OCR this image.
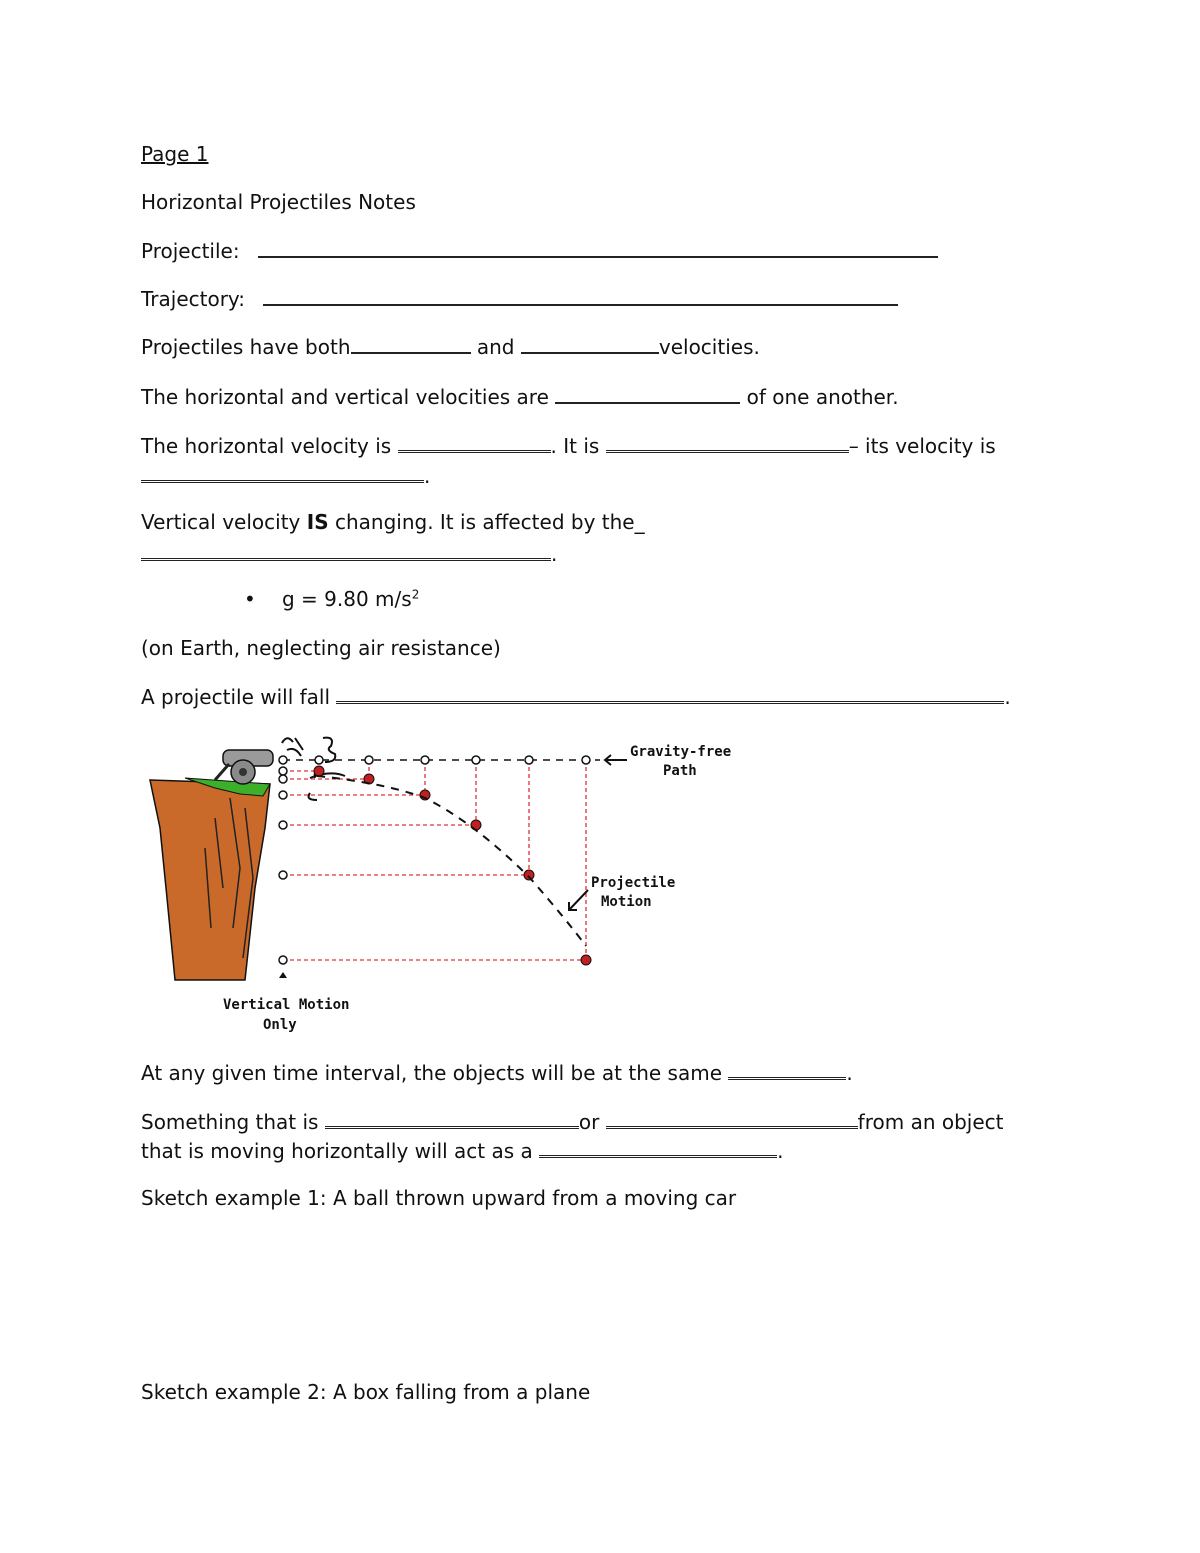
Page 1
Horizontal Projectiles Notes
Projectile:
Trajectory:
Projectiles have both	and	velocities.
The horizontal and vertical velocities are	of one another.
The horizontal velocity is	. It is	– its velocity is
.
Vertical velocity IS changing. It is affected by the_
.
• g = 9.80 $m/s^2$
(on Earth, neglecting air resistance)
A projectile will fall	.
Gravity-free
Path
Projectile
Motion
Vertical Motion
Only
At any given time interval, the objects will be at the same	.
Something that is	or	from an object
that is moving horizontally will act as a	.
Sketch example 1: A ball thrown upward from a moving car
Sketch example 2: A box falling from a plane
